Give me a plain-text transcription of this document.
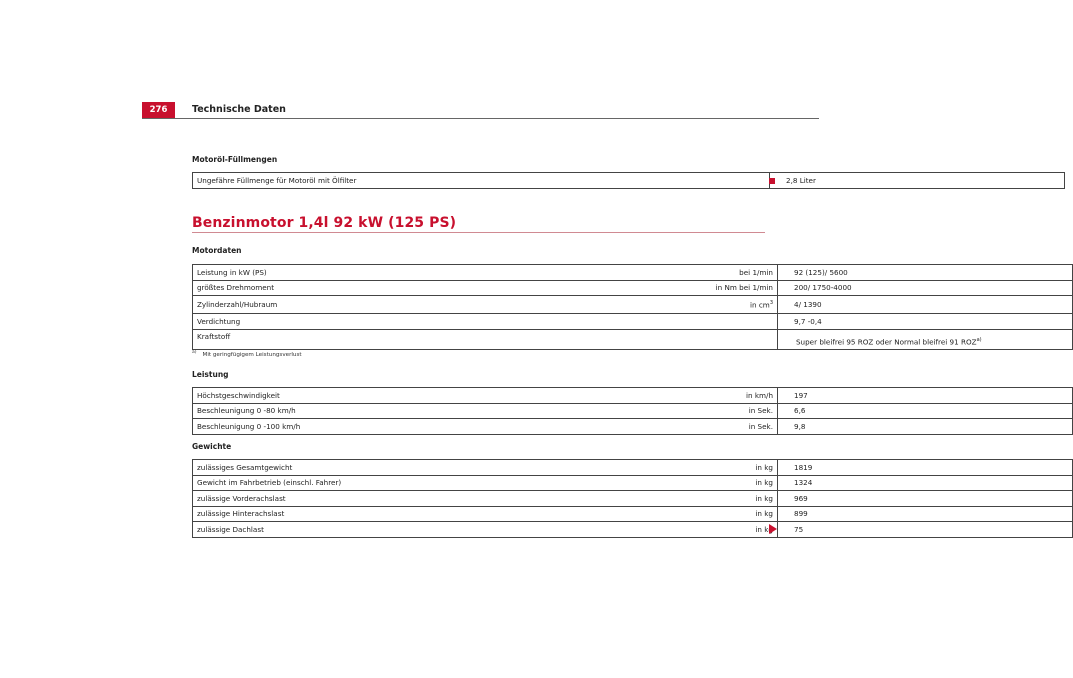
276	Technische Daten
Motoröl-Füllmengen
Ungefähre Füllmenge für Motoröl mit Ölfilter	2,8 Liter
Benzinmotor 1,4l 92 kW (125 PS)
Motordaten
Leistung in kW (PS)	bei 1/min	92 (125)/ 5600
größtes Drehmoment	in Nm bei 1/min	200/ 1750-4000
Zylinderzahl/Hubraum	in $cm^3$	4/ 1390
Verdichtung		9,7 -0,4
Kraftstoff		Super bleifrei 95 ROZ oder Normal bleifrei 91 ROZ$^{a)}$
$^{a)}$ Mit geringfügigem Leistungsverlust
Leistung
Höchstgeschwindigkeit	in km/h	197
Beschleunigung 0 -80 km/h	in Sek.	6,6
Beschleunigung 0 -100 km/h	in Sek.	9,8
Gewichte
zulässiges Gesamtgewicht	in kg	1819
Gewicht im Fahrbetrieb (einschl. Fahrer)	in kg	1324
zulässige Vorderachslast	in kg	969
zulässige Hinterachslast	in kg	899
zulässige Dachlast	in kg	75
